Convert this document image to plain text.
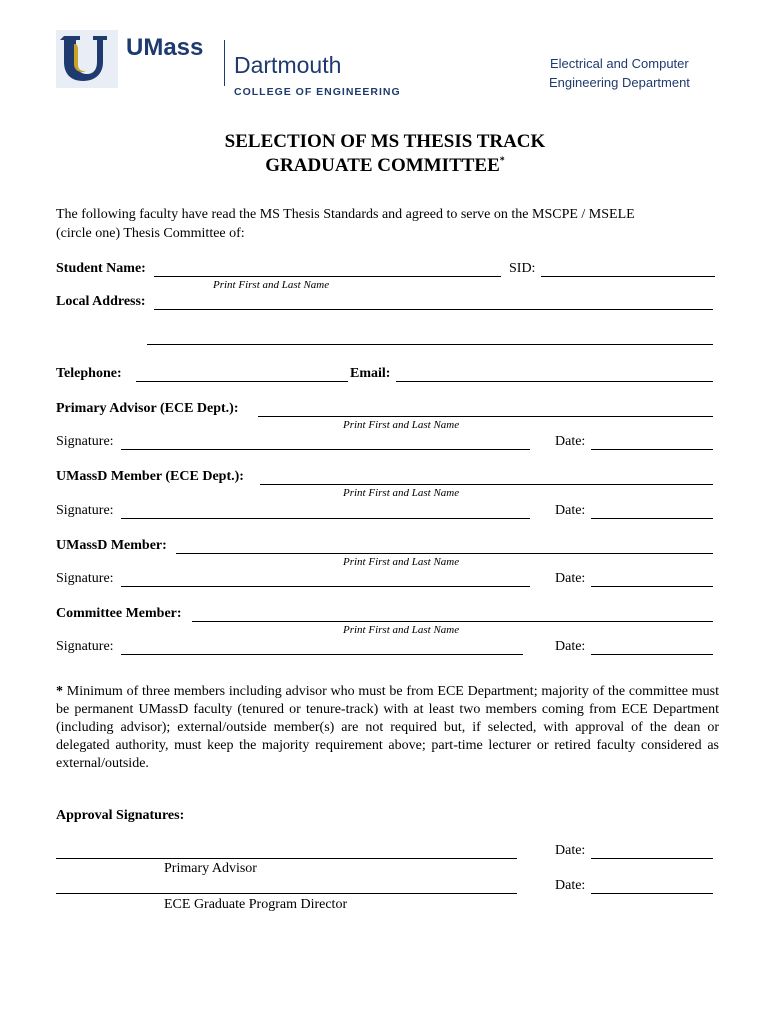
UMass
Dartmouth
COLLEGE OF ENGINEERING
Electrical and Computer
Engineering Department
SELECTION OF MS THESIS TRACK
GRADUATE COMMITTEE*
The following faculty have read the MS Thesis Standards and agreed to serve on the MSCPE / MSELE
(circle one) Thesis Committee of:
Student Name:
Print First and Last Name
SID:
Local Address:
Telephone:	Email:
Primary Advisor (ECE Dept.):
Print First and Last Name
Signature:	Date:
UMassD Member (ECE Dept.):
Print First and Last Name
Signature:	Date:
UMassD Member:
Print First and Last Name
Signature:	Date:
Committee Member:
Print First and Last Name
Signature:	Date:
* Minimum of three members including advisor who must be from ECE Department; majority of the committee must be permanent UMassD faculty (tenured or tenure-track) with at least two members coming from ECE Department (including advisor); external/outside member(s) are not required but, if selected, with approval of the dean or delegated authority, must keep the majority requirement above; part-time lecturer or retired faculty considered as external/outside.
Approval Signatures:
Primary Advisor
Date:
ECE Graduate Program Director
Date:
